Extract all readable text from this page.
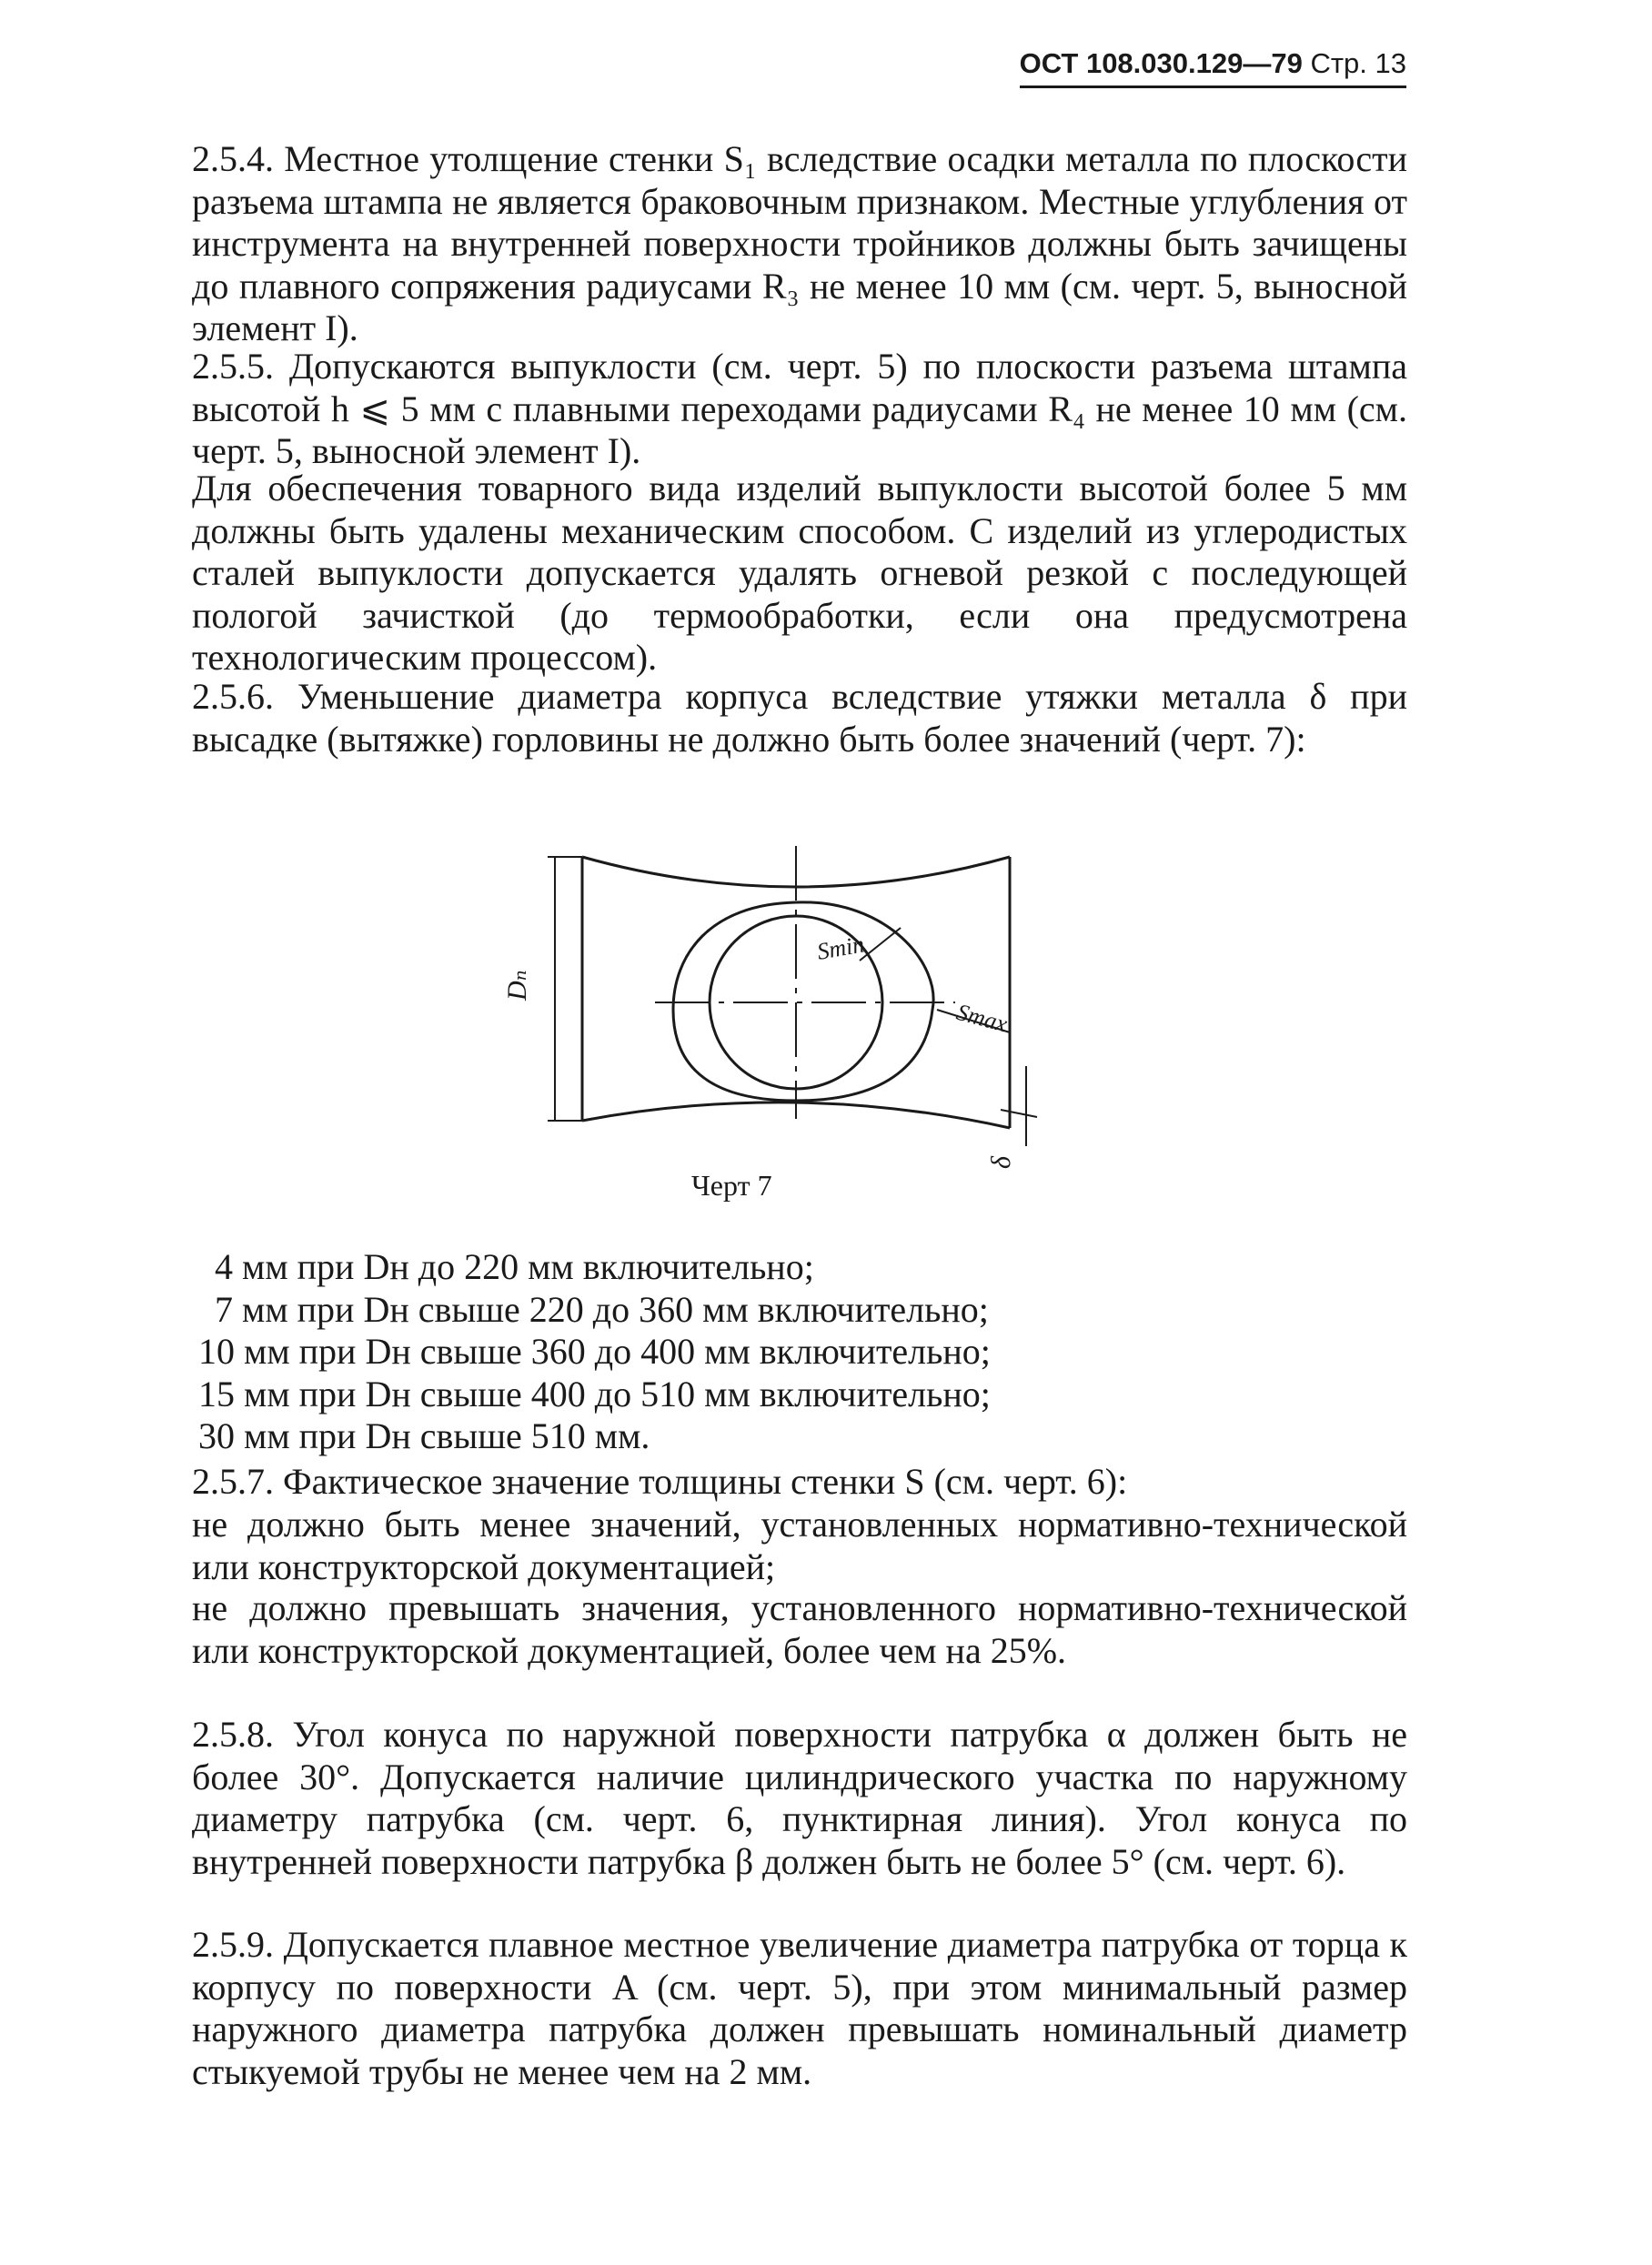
ОСТ 108.030.129—79 Стр. 13

2.5.4. Местное утолщение стенки S₁ вследствие осадки металла по плоскости разъема штампа не является браковочным признаком. Местные углубления от инструмента на внутренней поверхности тройников должны быть зачищены до плавного сопряжения радиусами R₃ не менее 10 мм (см. черт. 5, выносной элемент I).

2.5.5. Допускаются выпуклости (см. черт. 5) по плоскости разъема штампа высотой h ⩽ 5 мм с плавными переходами радиусами R₄ не менее 10 мм (см. черт. 5, выносной элемент I).

Для обеспечения товарного вида изделий выпуклости высотой более 5 мм должны быть удалены механическим способом. С изделий из углеродистых сталей выпуклости допускается удалять огневой резкой с последующей пологой зачисткой (до термообработки, если она предусмотрена технологическим процессом).

2.5.6. Уменьшение диаметра корпуса вследствие утяжки металла δ при высадке (вытяжке) горловины не должно быть более значений (черт. 7):

Dₙ
Smin
Smax
δ
Черт 7
4 мм при Dн до 220 мм включительно;
7 мм при Dн свыше 220 до 360 мм включительно;
10 мм при Dн свыше 360 до 400 мм включительно;
15 мм при Dн свыше 400 до 510 мм включительно;
30 мм при Dн свыше 510 мм.

2.5.7. Фактическое значение толщины стенки S (см. черт. 6):

не должно быть менее значений, установленных нормативно-технической или конструкторской документацией;

не должно превышать значения, установленного нормативно-технической или конструкторской документацией, более чем на 25%.

2.5.8. Угол конуса по наружной поверхности патрубка α должен быть не более 30°. Допускается наличие цилиндрического участка по наружному диаметру патрубка (см. черт. 6, пунктирная линия). Угол конуса по внутренней поверхности патрубка β должен быть не более 5° (см. черт. 6).

2.5.9. Допускается плавное местное увеличение диаметра патрубка от торца к корпусу по поверхности A (см. черт. 5), при этом минимальный размер наружного диаметра патрубка должен превышать номинальный диаметр стыкуемой трубы не менее чем на 2 мм.
